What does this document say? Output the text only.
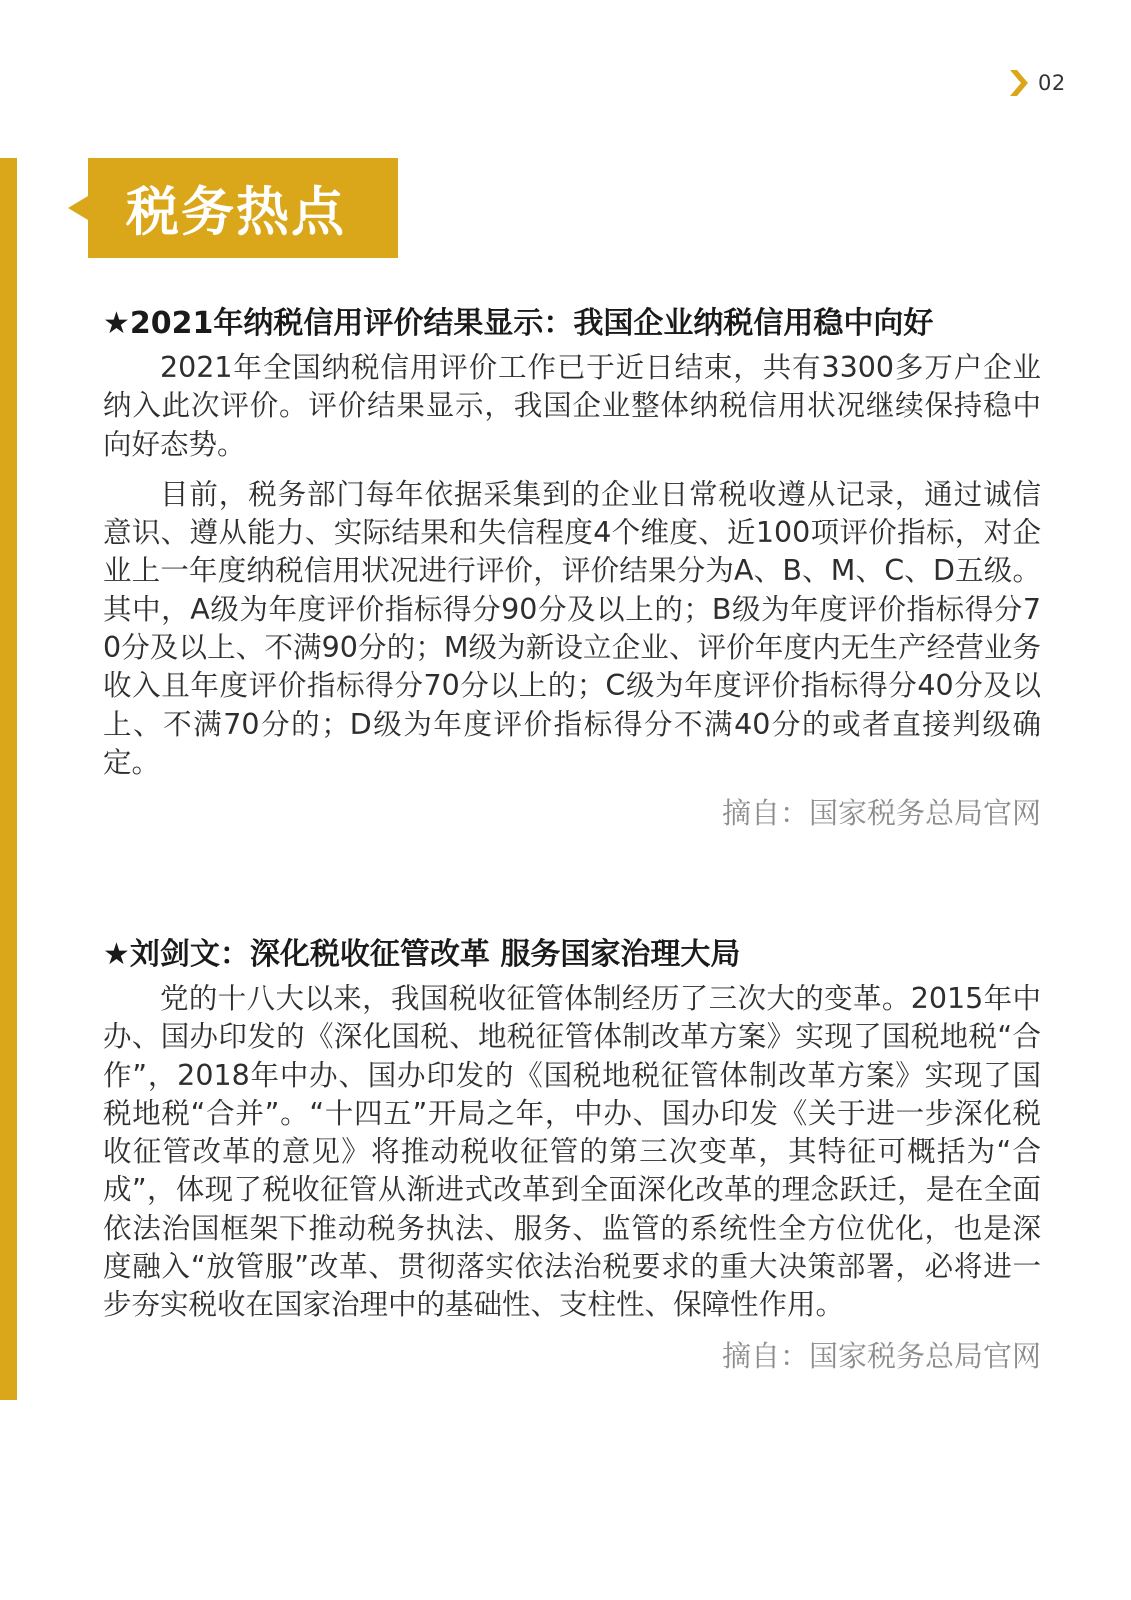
02
税务热点
★2021年纳税信用评价结果显示：我国企业纳税信用稳中向好

2021年全国纳税信用评价工作已于近日结束，共有3300多万户企业纳入此次评价。评价结果显示，我国企业整体纳税信用状况继续保持稳中向好态势。

目前，税务部门每年依据采集到的企业日常税收遵从记录，通过诚信意识、遵从能力、实际结果和失信程度4个维度、近100项评价指标，对企业上一年度纳税信用状况进行评价，评价结果分为A、B、M、C、D五级。其中，A级为年度评价指标得分90分及以上的；B级为年度评价指标得分70分及以上、不满90分的；M级为新设立企业、评价年度内无生产经营业务收入且年度评价指标得分70分以上的；C级为年度评价指标得分40分及以上、不满70分的；D级为年度评价指标得分不满40分的或者直接判级确定。

摘自：国家税务总局官网
★刘剑文：深化税收征管改革 服务国家治理大局

党的十八大以来，我国税收征管体制经历了三次大的变革。2015年中办、国办印发的《深化国税、地税征管体制改革方案》实现了国税地税“合作”，2018年中办、国办印发的《国税地税征管体制改革方案》实现了国税地税“合并”。“十四五”开局之年，中办、国办印发《关于进一步深化税收征管改革的意见》将推动税收征管的第三次变革，其特征可概括为“合成”，体现了税收征管从渐进式改革到全面深化改革的理念跃迁，是在全面依法治国框架下推动税务执法、服务、监管的系统性全方位优化，也是深度融入“放管服”改革、贯彻落实依法治税要求的重大决策部署，必将进一步夯实税收在国家治理中的基础性、支柱性、保障性作用。

摘自：国家税务总局官网
